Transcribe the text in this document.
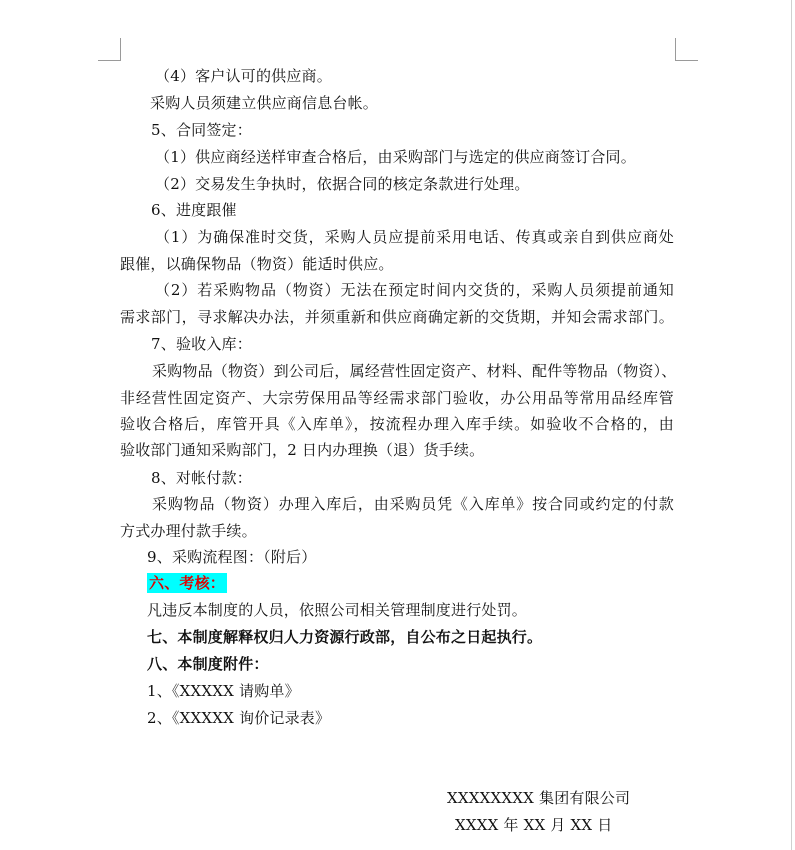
（4）客户认可的供应商。
采购人员须建立供应商信息台帐。
5、合同签定：
（1）供应商经送样审查合格后，由采购部门与选定的供应商签订合同。
（2）交易发生争执时，依据合同的核定条款进行处理。
6、进度跟催
（1）为确保准时交货，采购人员应提前采用电话、传真或亲自到供应商处
跟催，以确保物品（物资）能适时供应。
（2）若采购物品（物资）无法在预定时间内交货的，采购人员须提前通知
需求部门，寻求解决办法，并须重新和供应商确定新的交货期，并知会需求部门。
7、验收入库：
采购物品（物资）到公司后，属经营性固定资产、材料、配件等物品（物资）、
非经营性固定资产、大宗劳保用品等经需求部门验收，办公用品等常用品经库管
验收合格后，库管开具《入库单》，按流程办理入库手续。如验收不合格的，由
验收部门通知采购部门，2 日内办理换（退）货手续。
8、对帐付款：
采购物品（物资）办理入库后，由采购员凭《入库单》按合同或约定的付款
方式办理付款手续。
9、采购流程图：（附后）
六、考核：
凡违反本制度的人员，依照公司相关管理制度进行处罚。
七、本制度解释权归人力资源行政部，自公布之日起执行。
八、本制度附件：
1、《XXXXX 请购单》
2、《XXXXX 询价记录表》
XXXXXXXX 集团有限公司
XXXX 年 XX 月 XX 日
